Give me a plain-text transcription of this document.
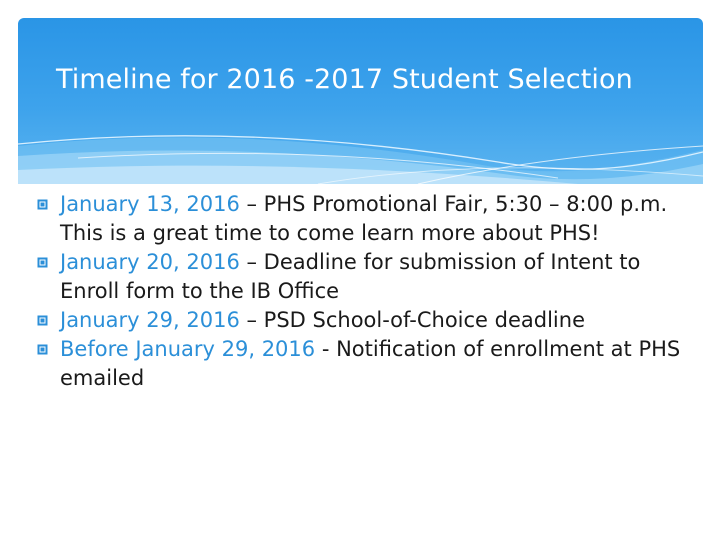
Timeline for 2016 -2017 Student Selection

January 13, 2016 – PHS Promotional Fair, 5:30 – 8:00 p.m. This is a great time to come learn more about PHS!

January 20, 2016 – Deadline for submission of Intent to Enroll form to the IB Office

January 29, 2016 – PSD School-of-Choice deadline

Before January 29, 2016 - Notification of enrollment at PHS emailed
